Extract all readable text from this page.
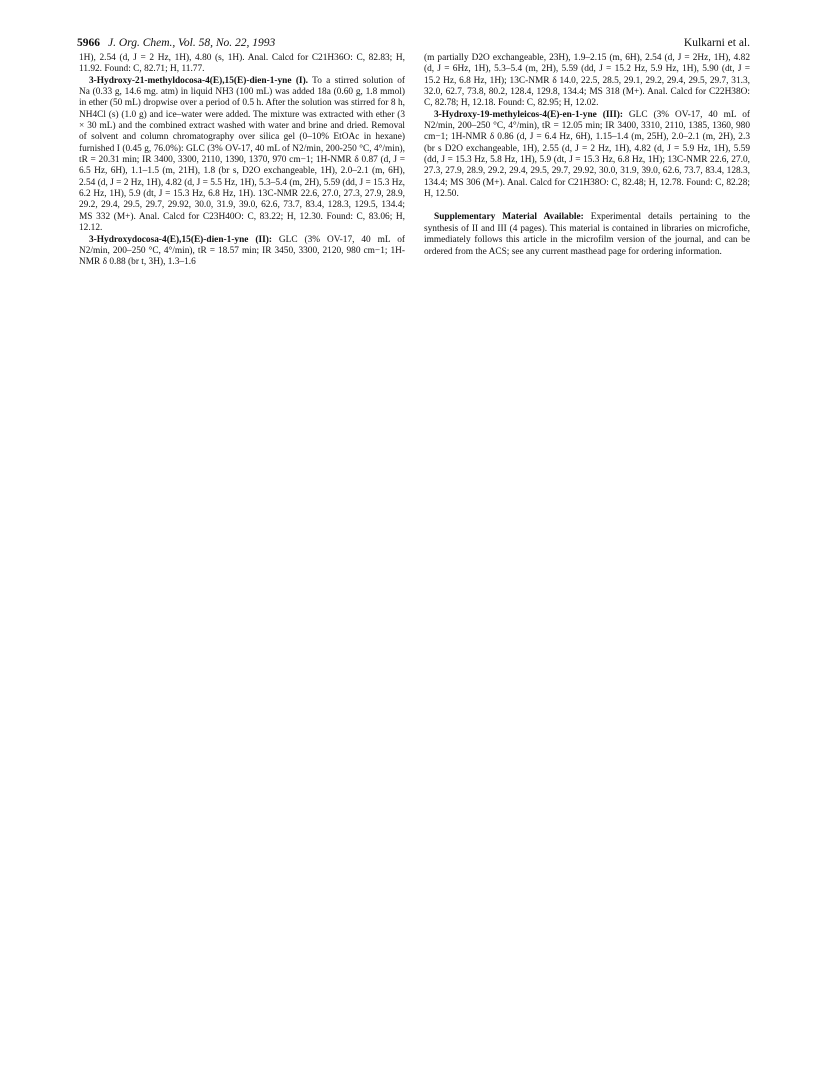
5966 J. Org. Chem., Vol. 58, No. 22, 1993	Kulkarni et al.

1H), 2.54 (d, J = 2 Hz, 1H), 4.80 (s, 1H). Anal. Calcd for C21H36O: C, 82.83; H, 11.92. Found: C, 82.71; H, 11.77.

3-Hydroxy-21-methyldocosa-4(E),15(E)-dien-1-yne (I). To a stirred solution of Na (0.33 g, 14.6 mg. atm) in liquid NH3 (100 mL) was added 18a (0.60 g, 1.8 mmol) in ether (50 mL) dropwise over a period of 0.5 h. After the solution was stirred for 8 h, NH4Cl (s) (1.0 g) and ice–water were added. The mixture was extracted with ether (3 × 30 mL) and the combined extract washed with water and brine and dried. Removal of solvent and column chromatography over silica gel (0–10% EtOAc in hexane) furnished I (0.45 g, 76.0%): GLC (3% OV-17, 40 mL of N2/min, 200-250 °C, 4°/min), tR = 20.31 min; IR 3400, 3300, 2110, 1390, 1370, 970 cm−1; 1H-NMR δ 0.87 (d, J = 6.5 Hz, 6H), 1.1–1.5 (m, 21H), 1.8 (br s, D2O exchangeable, 1H), 2.0–2.1 (m, 6H), 2.54 (d, J = 2 Hz, 1H), 4.82 (d, J = 5.5 Hz, 1H), 5.3–5.4 (m, 2H), 5.59 (dd, J = 15.3 Hz, 6.2 Hz, 1H), 5.9 (dt, J = 15.3 Hz, 6.8 Hz, 1H). 13C-NMR 22.6, 27.0, 27.3, 27.9, 28.9, 29.2, 29.4, 29.5, 29.7, 29.92, 30.0, 31.9, 39.0, 62.6, 73.7, 83.4, 128.3, 129.5, 134.4; MS 332 (M+). Anal. Calcd for C23H40O: C, 83.22; H, 12.30. Found: C, 83.06; H, 12.12.

3-Hydroxydocosa-4(E),15(E)-dien-1-yne (II): GLC (3% OV-17, 40 mL of N2/min, 200–250 °C, 4°/min), tR = 18.57 min; IR 3450, 3300, 2120, 980 cm−1; 1H-NMR δ 0.88 (br t, 3H), 1.3–1.6

(m partially D2O exchangeable, 23H), 1.9–2.15 (m, 6H), 2.54 (d, J = 2Hz, 1H), 4.82 (d, J = 6Hz, 1H), 5.3–5.4 (m, 2H), 5.59 (dd, J = 15.2 Hz, 5.9 Hz, 1H), 5.90 (dt, J = 15.2 Hz, 6.8 Hz, 1H); 13C-NMR δ 14.0, 22.5, 28.5, 29.1, 29.2, 29.4, 29.5, 29.7, 31.3, 32.0, 62.7, 73.8, 80.2, 128.4, 129.8, 134.4; MS 318 (M+). Anal. Calcd for C22H38O: C, 82.78; H, 12.18. Found: C, 82.95; H, 12.02.

3-Hydroxy-19-methyleicos-4(E)-en-1-yne (III): GLC (3% OV-17, 40 mL of N2/min, 200–250 °C, 4°/min), tR = 12.05 min; IR 3400, 3310, 2110, 1385, 1360, 980 cm−1; 1H-NMR δ 0.86 (d, J = 6.4 Hz, 6H), 1.15–1.4 (m, 25H), 2.0–2.1 (m, 2H), 2.3 (br s D2O exchangeable, 1H), 2.55 (d, J = 2 Hz, 1H), 4.82 (d, J = 5.9 Hz, 1H), 5.59 (dd, J = 15.3 Hz, 5.8 Hz, 1H), 5.9 (dt, J = 15.3 Hz, 6.8 Hz, 1H); 13C-NMR 22.6, 27.0, 27.3, 27.9, 28.9, 29.2, 29.4, 29.5, 29.7, 29.92, 30.0, 31.9, 39.0, 62.6, 73.7, 83.4, 128.3, 134.4; MS 306 (M+). Anal. Calcd for C21H38O: C, 82.48; H, 12.78. Found: C, 82.28; H, 12.50.

Supplementary Material Available: Experimental details pertaining to the synthesis of II and III (4 pages). This material is contained in libraries on microfiche, immediately follows this article in the microfilm version of the journal, and can be ordered from the ACS; see any current masthead page for ordering information.
